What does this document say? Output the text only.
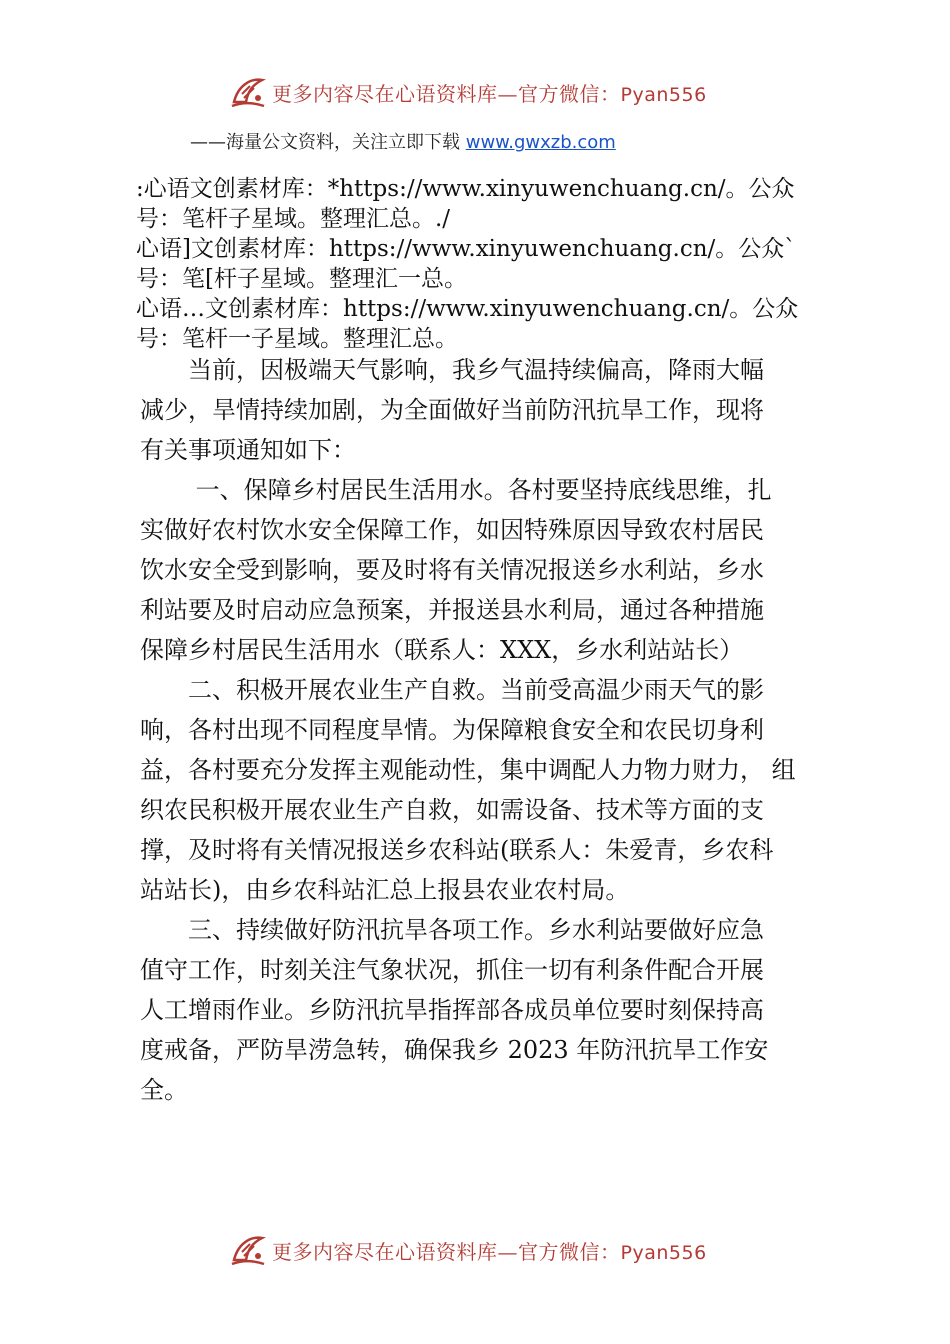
更多内容尽在心语资料库—官方微信：Pyan556
——海量公文资料，关注立即下载 www.gwxzb.com
:心语文创素材库：*https://www.xinyuwenchuang.cn/。公众
号：笔杆子星域。整理汇总。./
心语]文创素材库：https://www.xinyuwenchuang.cn/。公众`
号：笔[杆子星域。整理汇一总。
心语…文创素材库：https://www.xinyuwenchuang.cn/。公众
号：笔杆一子星域。整理汇总。
　　当前，因极端天气影响，我乡气温持续偏高，降雨大幅
减少，旱情持续加剧，为全面做好当前防汛抗旱工作，现将
有关事项通知如下：
　　 一、保障乡村居民生活用水。各村要坚持底线思维，扎
实做好农村饮水安全保障工作，如因特殊原因导致农村居民
饮水安全受到影响，要及时将有关情况报送乡水利站，乡水
利站要及时启动应急预案，并报送县水利局，通过各种措施
保障乡村居民生活用水（联系人：XXX，乡水利站站长）
　　二、积极开展农业生产自救。当前受高温少雨天气的影
响，各村出现不同程度旱情。为保障粮食安全和农民切身利
益，各村要充分发挥主观能动性，集中调配人力物力财力， 组
织农民积极开展农业生产自救，如需设备、技术等方面的支
撑，及时将有关情况报送乡农科站(联系人：朱爱青，乡农科
站站长)，由乡农科站汇总上报县农业农村局。
　　三、持续做好防汛抗旱各项工作。乡水利站要做好应急
值守工作，时刻关注气象状况，抓住一切有利条件配合开展
人工增雨作业。乡防汛抗旱指挥部各成员单位要时刻保持高
度戒备，严防旱涝急转，确保我乡 2023 年防汛抗旱工作安
全。
更多内容尽在心语资料库—官方微信：Pyan556
